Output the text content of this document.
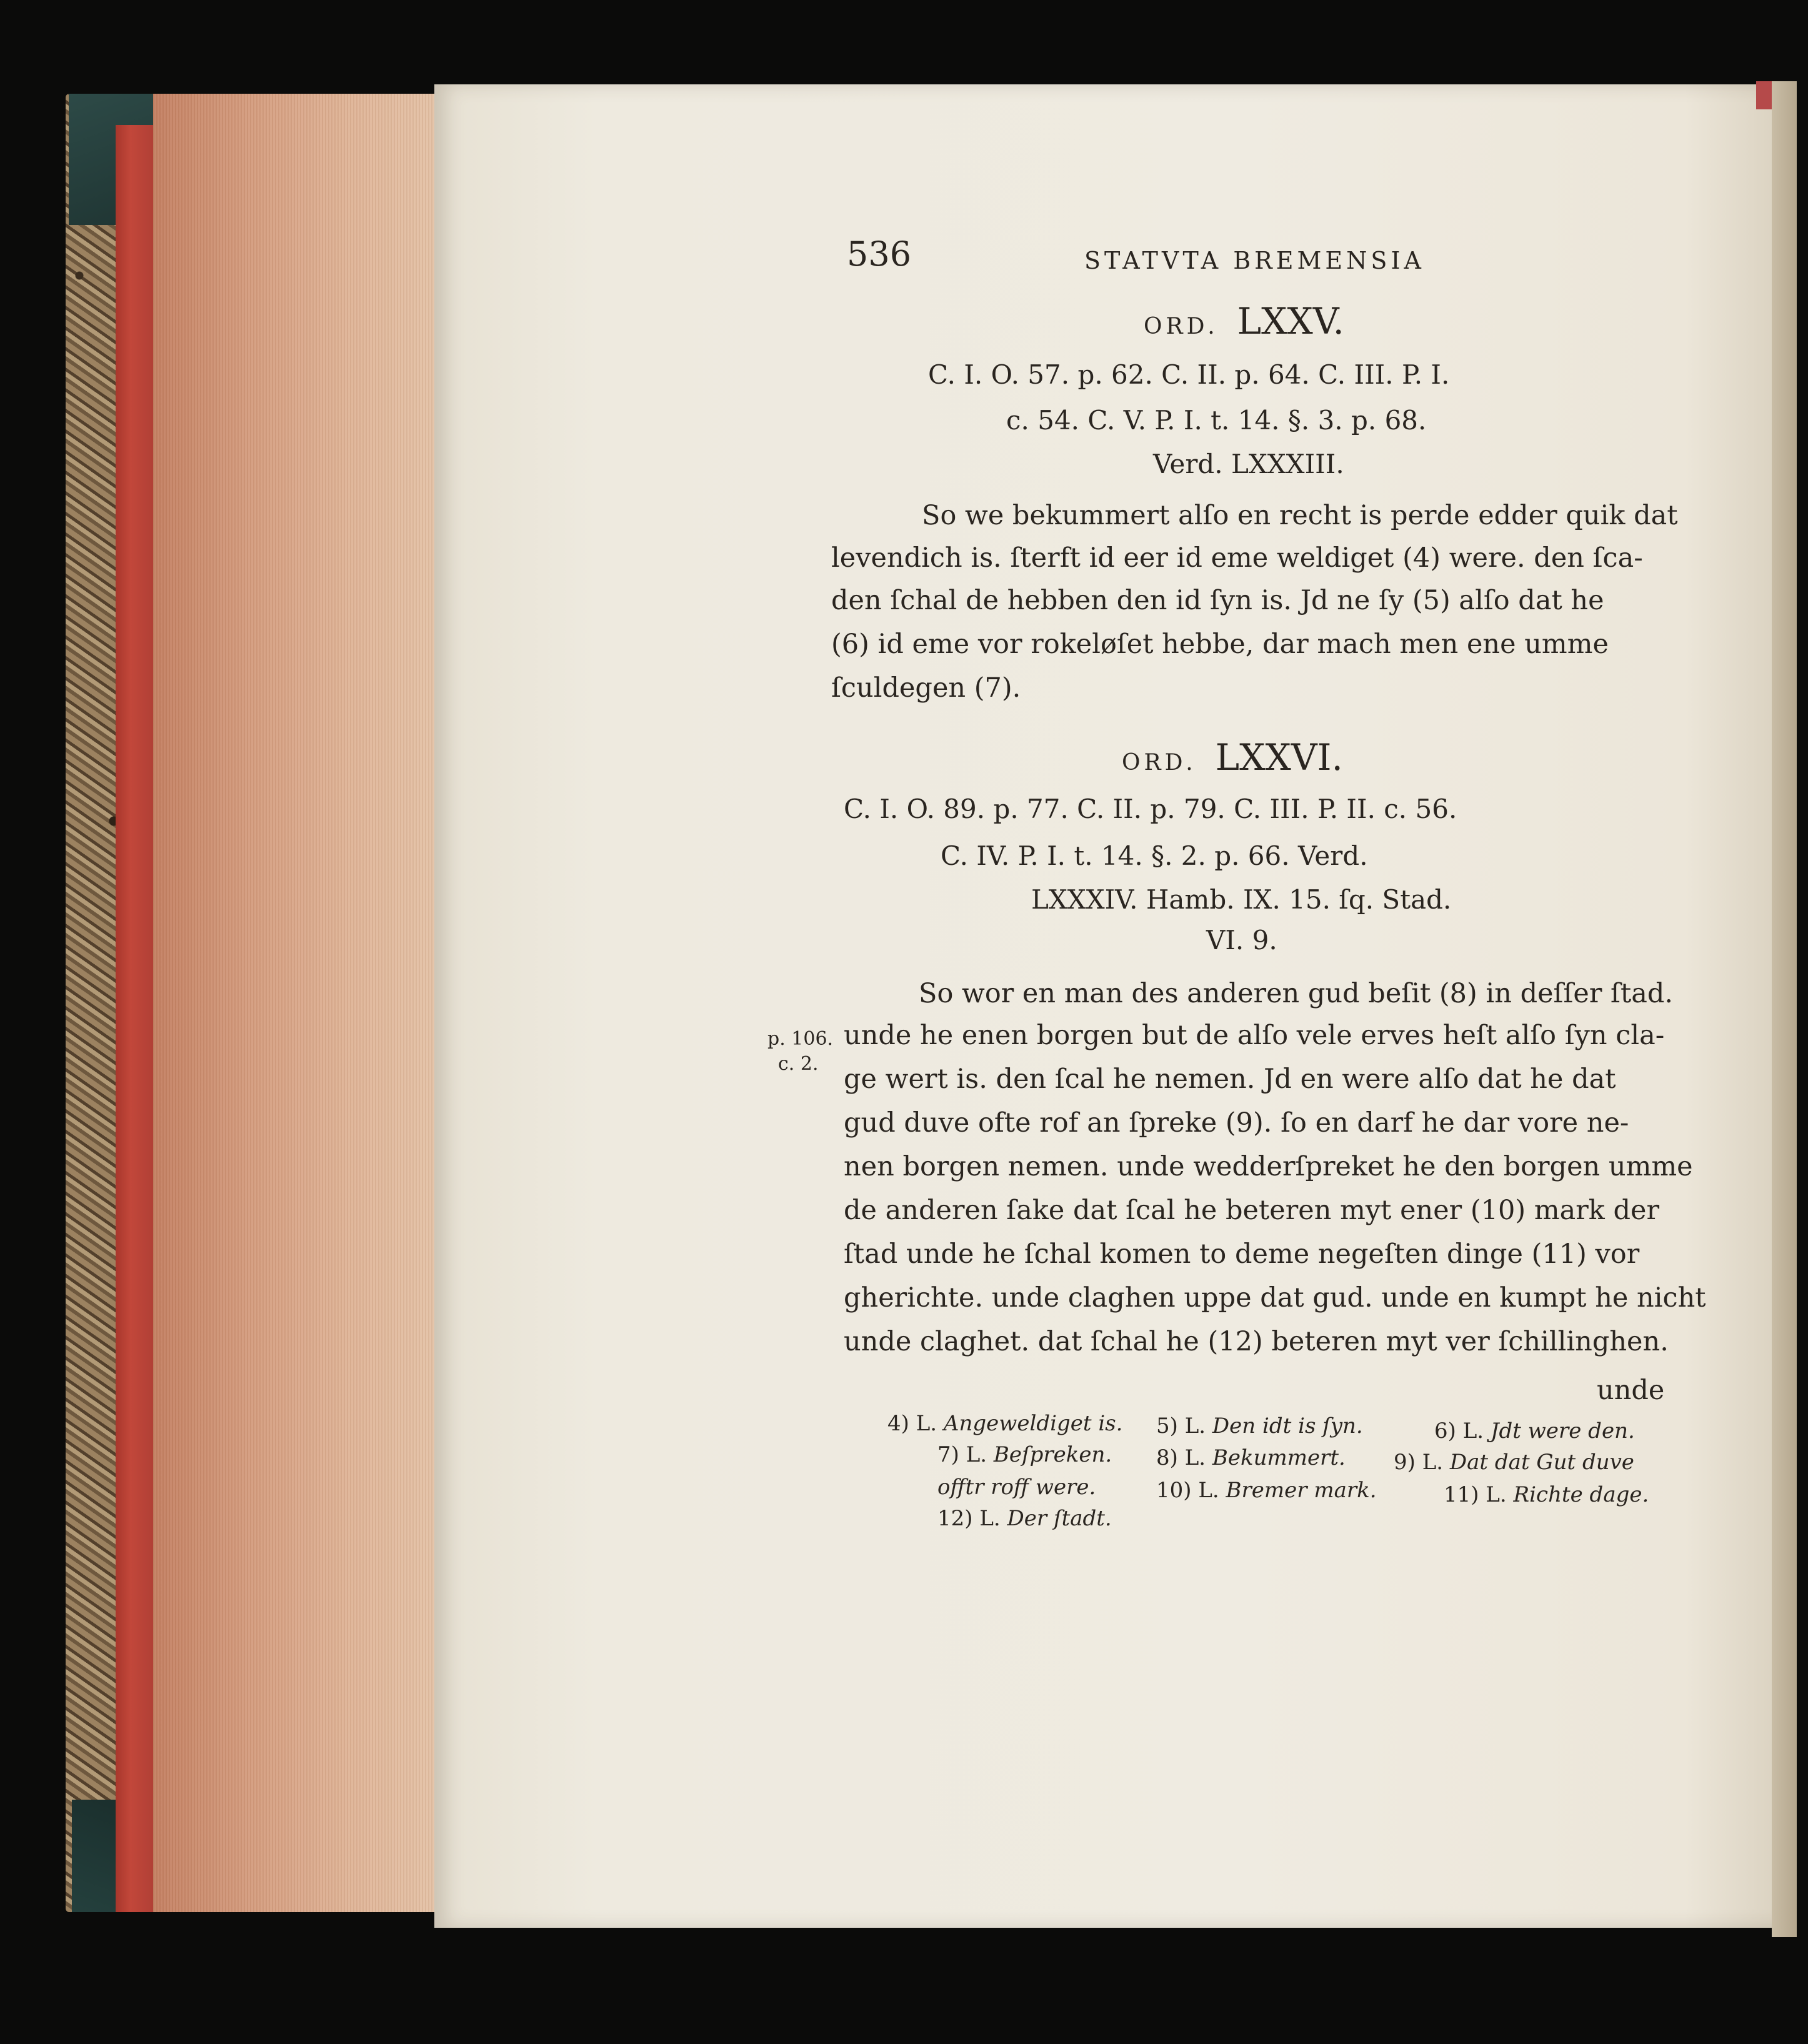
536	STATVTA BREMENSIA
ORD. LXXV.
C. I. O. 57. p. 62. C. II. p. 64. C. III. P. I.
c. 54. C. V. P. I. t. 14. §. 3. p. 68.
Verd. LXXXIII.
So we bekummert alſo en recht is perde edder quik dat
levendich is. ſterft id eer id eme weldiget (4) were. den ſca-
den ſchal de hebben den id ſyn is. Jd ne ſy (5) alſo dat he
(6) id eme vor rokeløſet hebbe, dar mach men ene umme
ſculdegen (7).
ORD. LXXVI.
C. I. O. 89. p. 77. C. II. p. 79. C. III. P. II. c. 56.
C. IV. P. I. t. 14. §. 2. p. 66. Verd.
LXXXIV. Hamb. IX. 15. ſq. Stad.
VI. 9.
p. 106.
c. 2.
So wor en man des anderen gud beſit (8) in deſſer ſtad.
unde he enen borgen but de alſo vele erves heſt alſo ſyn cla-
ge wert is. den ſcal he nemen. Jd en were alſo dat he dat
gud duve ofte rof an ſpreke (9). ſo en darf he dar vore ne-
nen borgen nemen. unde wedderſpreket he den borgen umme
de anderen ſake dat ſcal he beteren myt ener (10) mark der
ſtad unde he ſchal komen to deme negeſten dinge (11) vor
gherichte. unde claghen uppe dat gud. unde en kumpt he nicht
unde claghet. dat ſchal he (12) beteren myt ver ſchillinghen.
unde
4) L. Angeweldiget is. 5) L. Den idt is ſyn.	6) L. Jdt were den.
7) L. Beſpreken. 8) L. Bekummert. 9) L. Dat dat Gut duve
offtr roff were.	10) L. Bremer mark.	11) L. Richte dage.
12) L. Der ſtadt.
